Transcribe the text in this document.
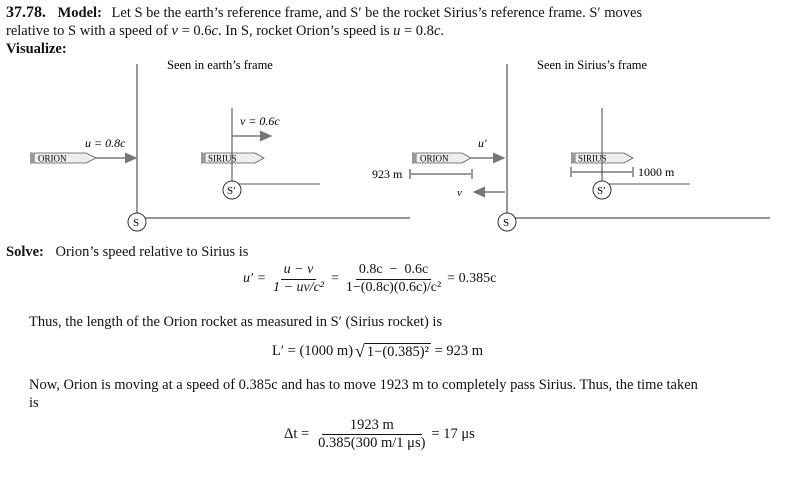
37.78. Model: Let S be the earth’s reference frame, and S′ be the rocket Sirius’s reference frame. S′ moves
relative to S with a speed of v = 0.6c. In S, rocket Orion’s speed is u = 0.8c.
Visualize:
Seen in earth’s frame
ORION
u = 0.8c
SIRIUS
v = 0.6c
S′
S
Seen in Sirius’s frame
ORION
u′
923 m
v
SIRIUS
1000 m
S′
S
Solve: Orion’s speed relative to Sirius is
$u' = \frac{u - v}{\text{1 − uv/c²}} = \frac{0.8c - 0.6c}{\text{1−(0.8c)(0.6c)/c²}} = 0.385c$
Thus, the length of the Orion rocket as measured in S′ (Sirius rocket) is
L′ = (1000 m) √ 1−(0.385)² = 923 m
Now, Orion is moving at a speed of 0.385c and has to move 1923 m to completely pass Sirius. Thus, the time taken
is
$\Delta t = \frac{1923 m}{0.385(300 m/1 \mu s)} = 17$ μs
